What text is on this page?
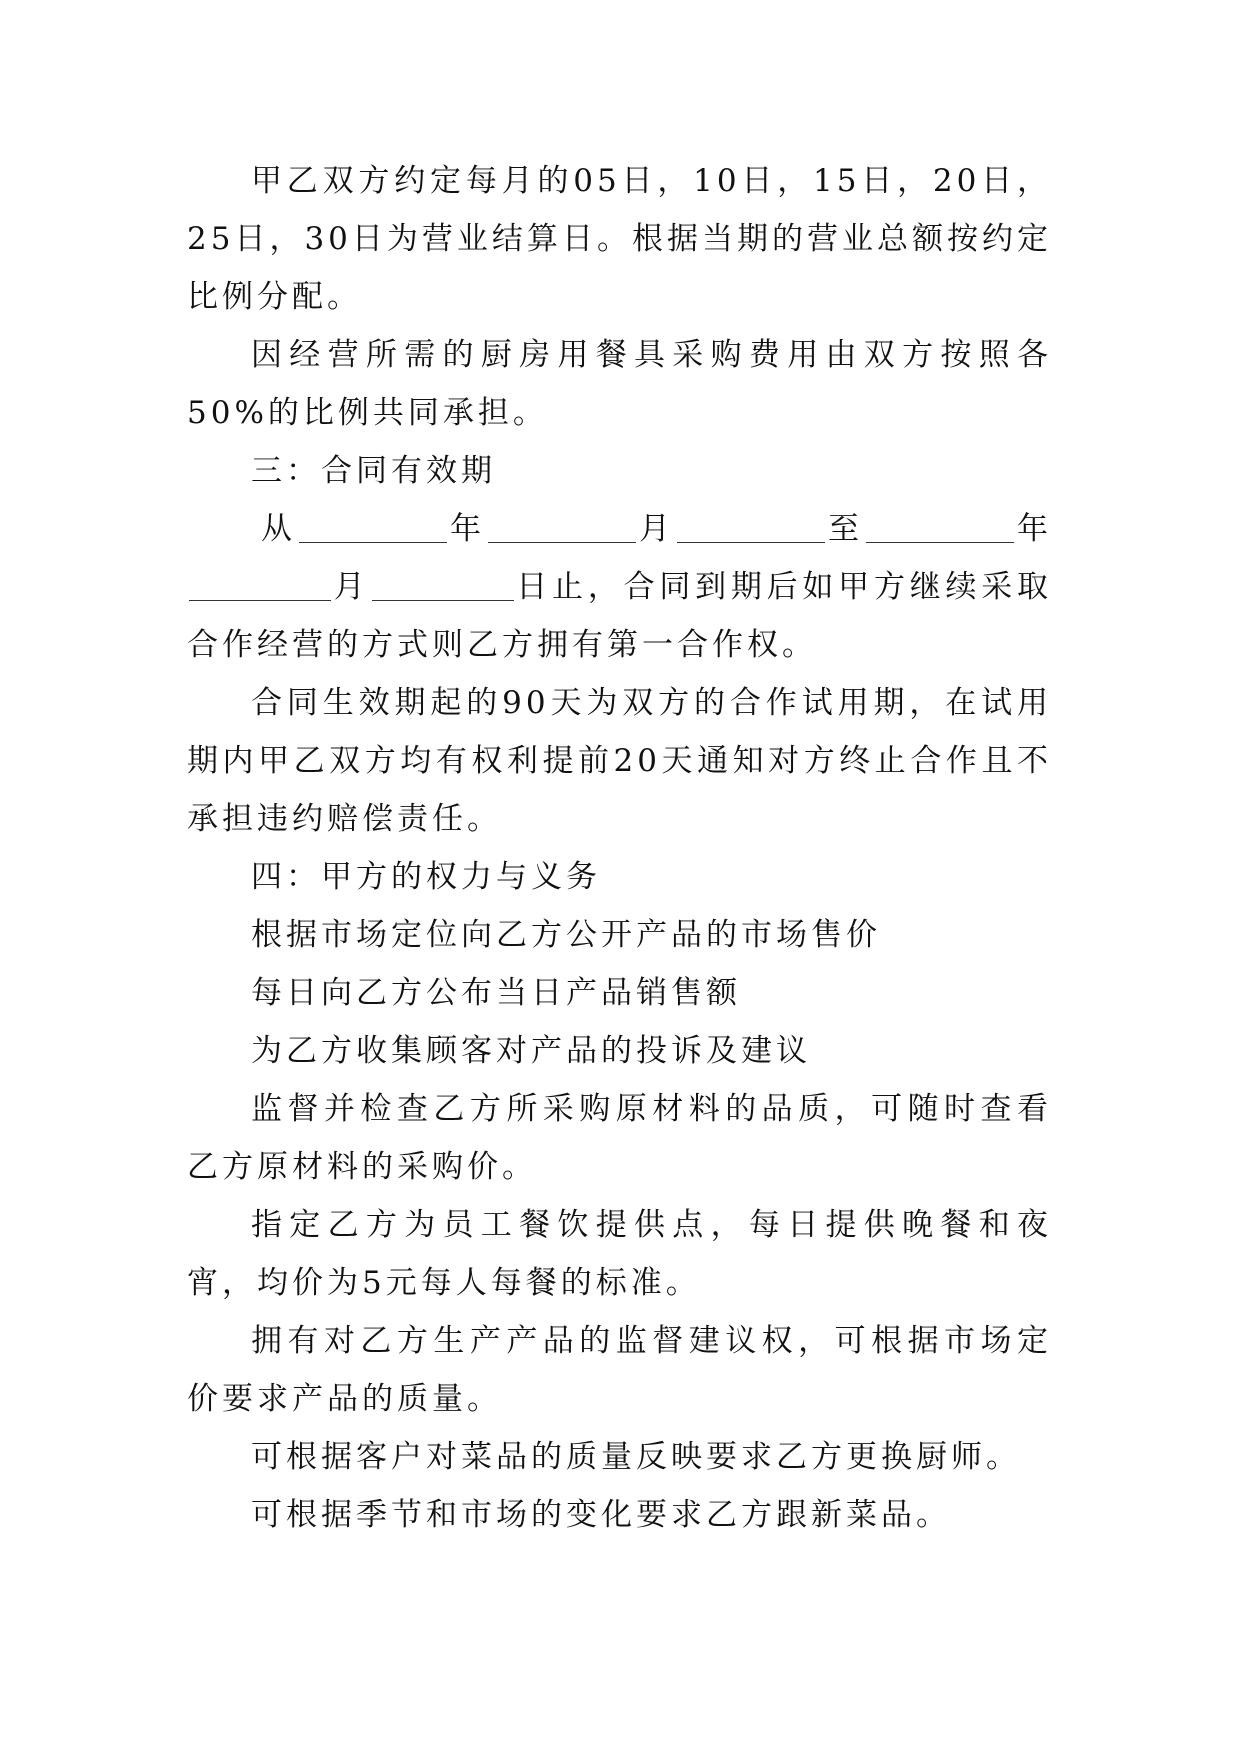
甲乙双方约定每月的05日，10日，15日，20日，25日，30日为营业结算日。根据当期的营业总额按约定比例分配。

因经营所需的厨房用餐具采购费用由双方按照各50%的比例共同承担。

三：合同有效期

从	年	月	至	年月	日止，合同到期后如甲方继续采取合作经营的方式则乙方拥有第一合作权。

合同生效期起的90天为双方的合作试用期，在试用期内甲乙双方均有权利提前20天通知对方终止合作且不承担违约赔偿责任。

四：甲方的权力与义务

根据市场定位向乙方公开产品的市场售价

每日向乙方公布当日产品销售额

为乙方收集顾客对产品的投诉及建议

监督并检查乙方所采购原材料的品质，可随时查看乙方原材料的采购价。

指定乙方为员工餐饮提供点，每日提供晚餐和夜宵，均价为5元每人每餐的标准。

拥有对乙方生产产品的监督建议权，可根据市场定价要求产品的质量。

可根据客户对菜品的质量反映要求乙方更换厨师。

可根据季节和市场的变化要求乙方跟新菜品。
